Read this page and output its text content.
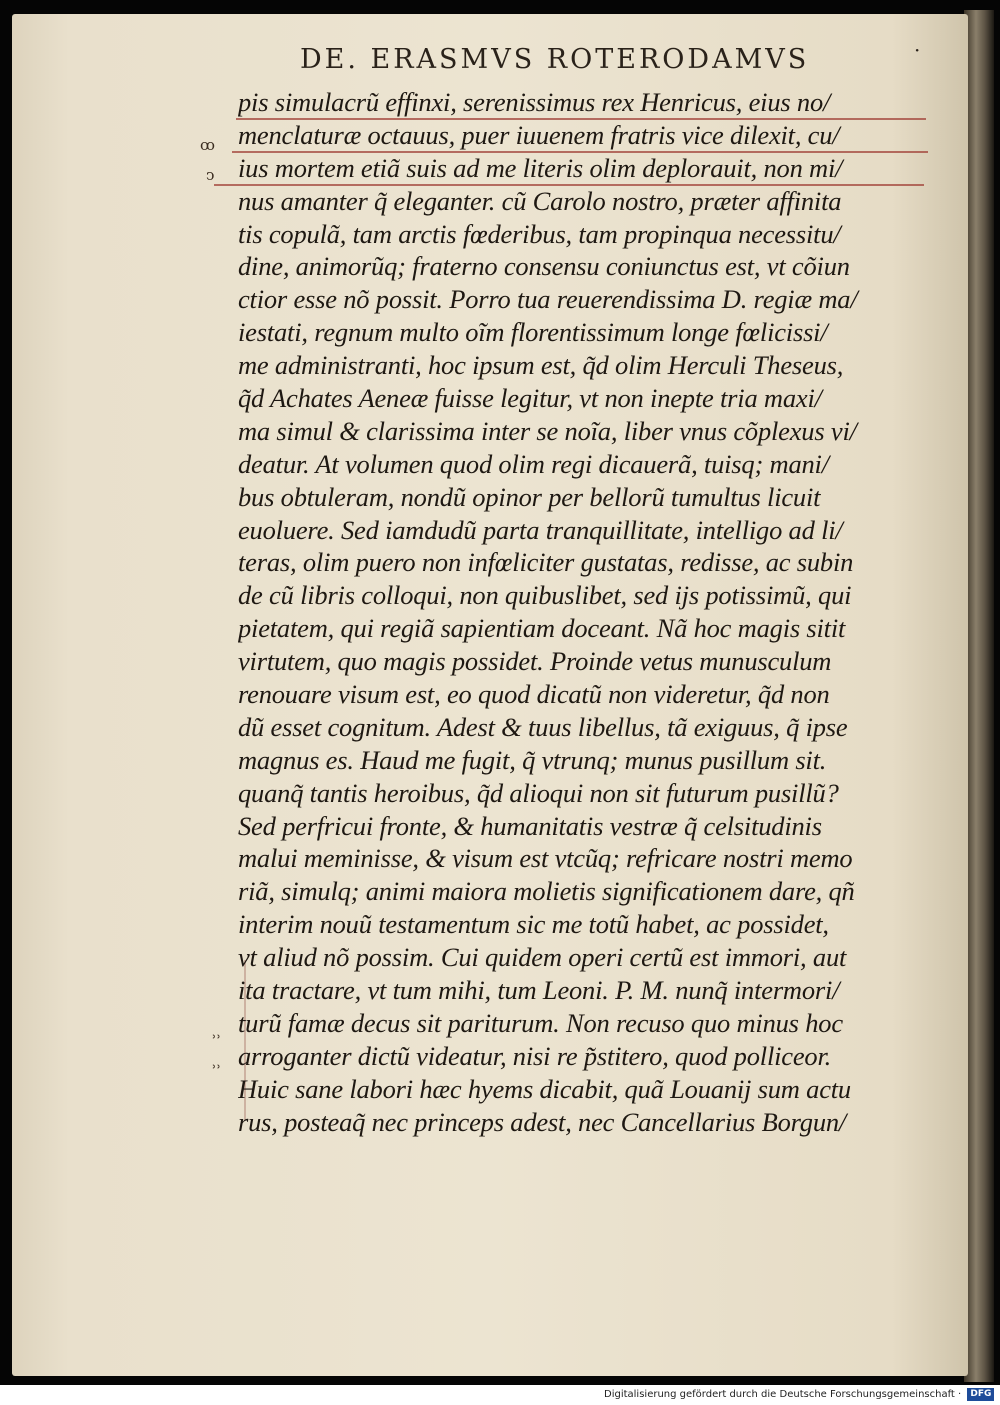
DE. ERASMVS ROTERODAMVS	·
ꝏ
ↄ
˒˒
˒˒
pis simulacrũ effinxi, serenissimus rex Henricus, eius no/
menclaturæ octauus, puer iuuenem fratris vice dilexit, cu/
ius mortem etiã suis ad me literis olim deplorauit, non mi/
nus amanter q̃ eleganter. cũ Carolo nostro, præter affinita
tis copulã, tam arctis fœderibus, tam propinqua necessitu/
dine, animorũq; fraterno consensu coniunctus est, vt cõiun
ctior esse nõ possit. Porro tua reuerendissima D. regiæ ma/
iestati, regnum multo oĩm florentissimum longe fœlicissi/
me administranti, hoc ipsum est, q̃d olim Herculi Theseus,
q̃d Achates Aeneæ fuisse legitur, vt non inepte tria maxi/
ma simul & clarissima inter se noĩa, liber vnus cõplexus vi/
deatur. At volumen quod olim regi dicauerã, tuisq; mani/
bus obtuleram, nondũ opinor per bellorũ tumultus licuit
euoluere. Sed iamdudũ parta tranquillitate, intelligo ad li/
teras, olim puero non infœliciter gustatas, redisse, ac subin
de cũ libris colloqui, non quibuslibet, sed ijs potissimũ, qui
pietatem, qui regiã sapientiam doceant. Nã hoc magis sitit
virtutem, quo magis possidet. Proinde vetus munusculum
renouare visum est, eo quod dicatũ non videretur, q̃d non
dũ esset cognitum. Adest & tuus libellus, tã exiguus, q̃ ipse
magnus es. Haud me fugit, q̃ vtrunq; munus pusillum sit.
quanq̃ tantis heroibus, q̃d alioqui non sit futurum pusillũ?
Sed perfricui fronte, & humanitatis vestræ q̃ celsitudinis
malui meminisse, & visum est vtcũq; refricare nostri memo
riã, simulq; animi maiora molietis significationem dare, qñ
interim nouũ testamentum sic me totũ habet, ac possidet,
vt aliud nõ possim. Cui quidem operi certũ est immori, aut
ita tractare, vt tum mihi, tum Leoni. P. M. nunq̃ intermori/
turũ famæ decus sit pariturum. Non recuso quo minus hoc
arroganter dictũ videatur, nisi re p̃stitero, quod polliceor.
Huic sane labori hæc hyems dicabit, quã Louanij sum actu
rus, posteaq̃ nec princeps adest, nec Cancellarius Borgun/
Digitalisierung gefördert durch die Deutsche Forschungsgemeinschaft · DFG
